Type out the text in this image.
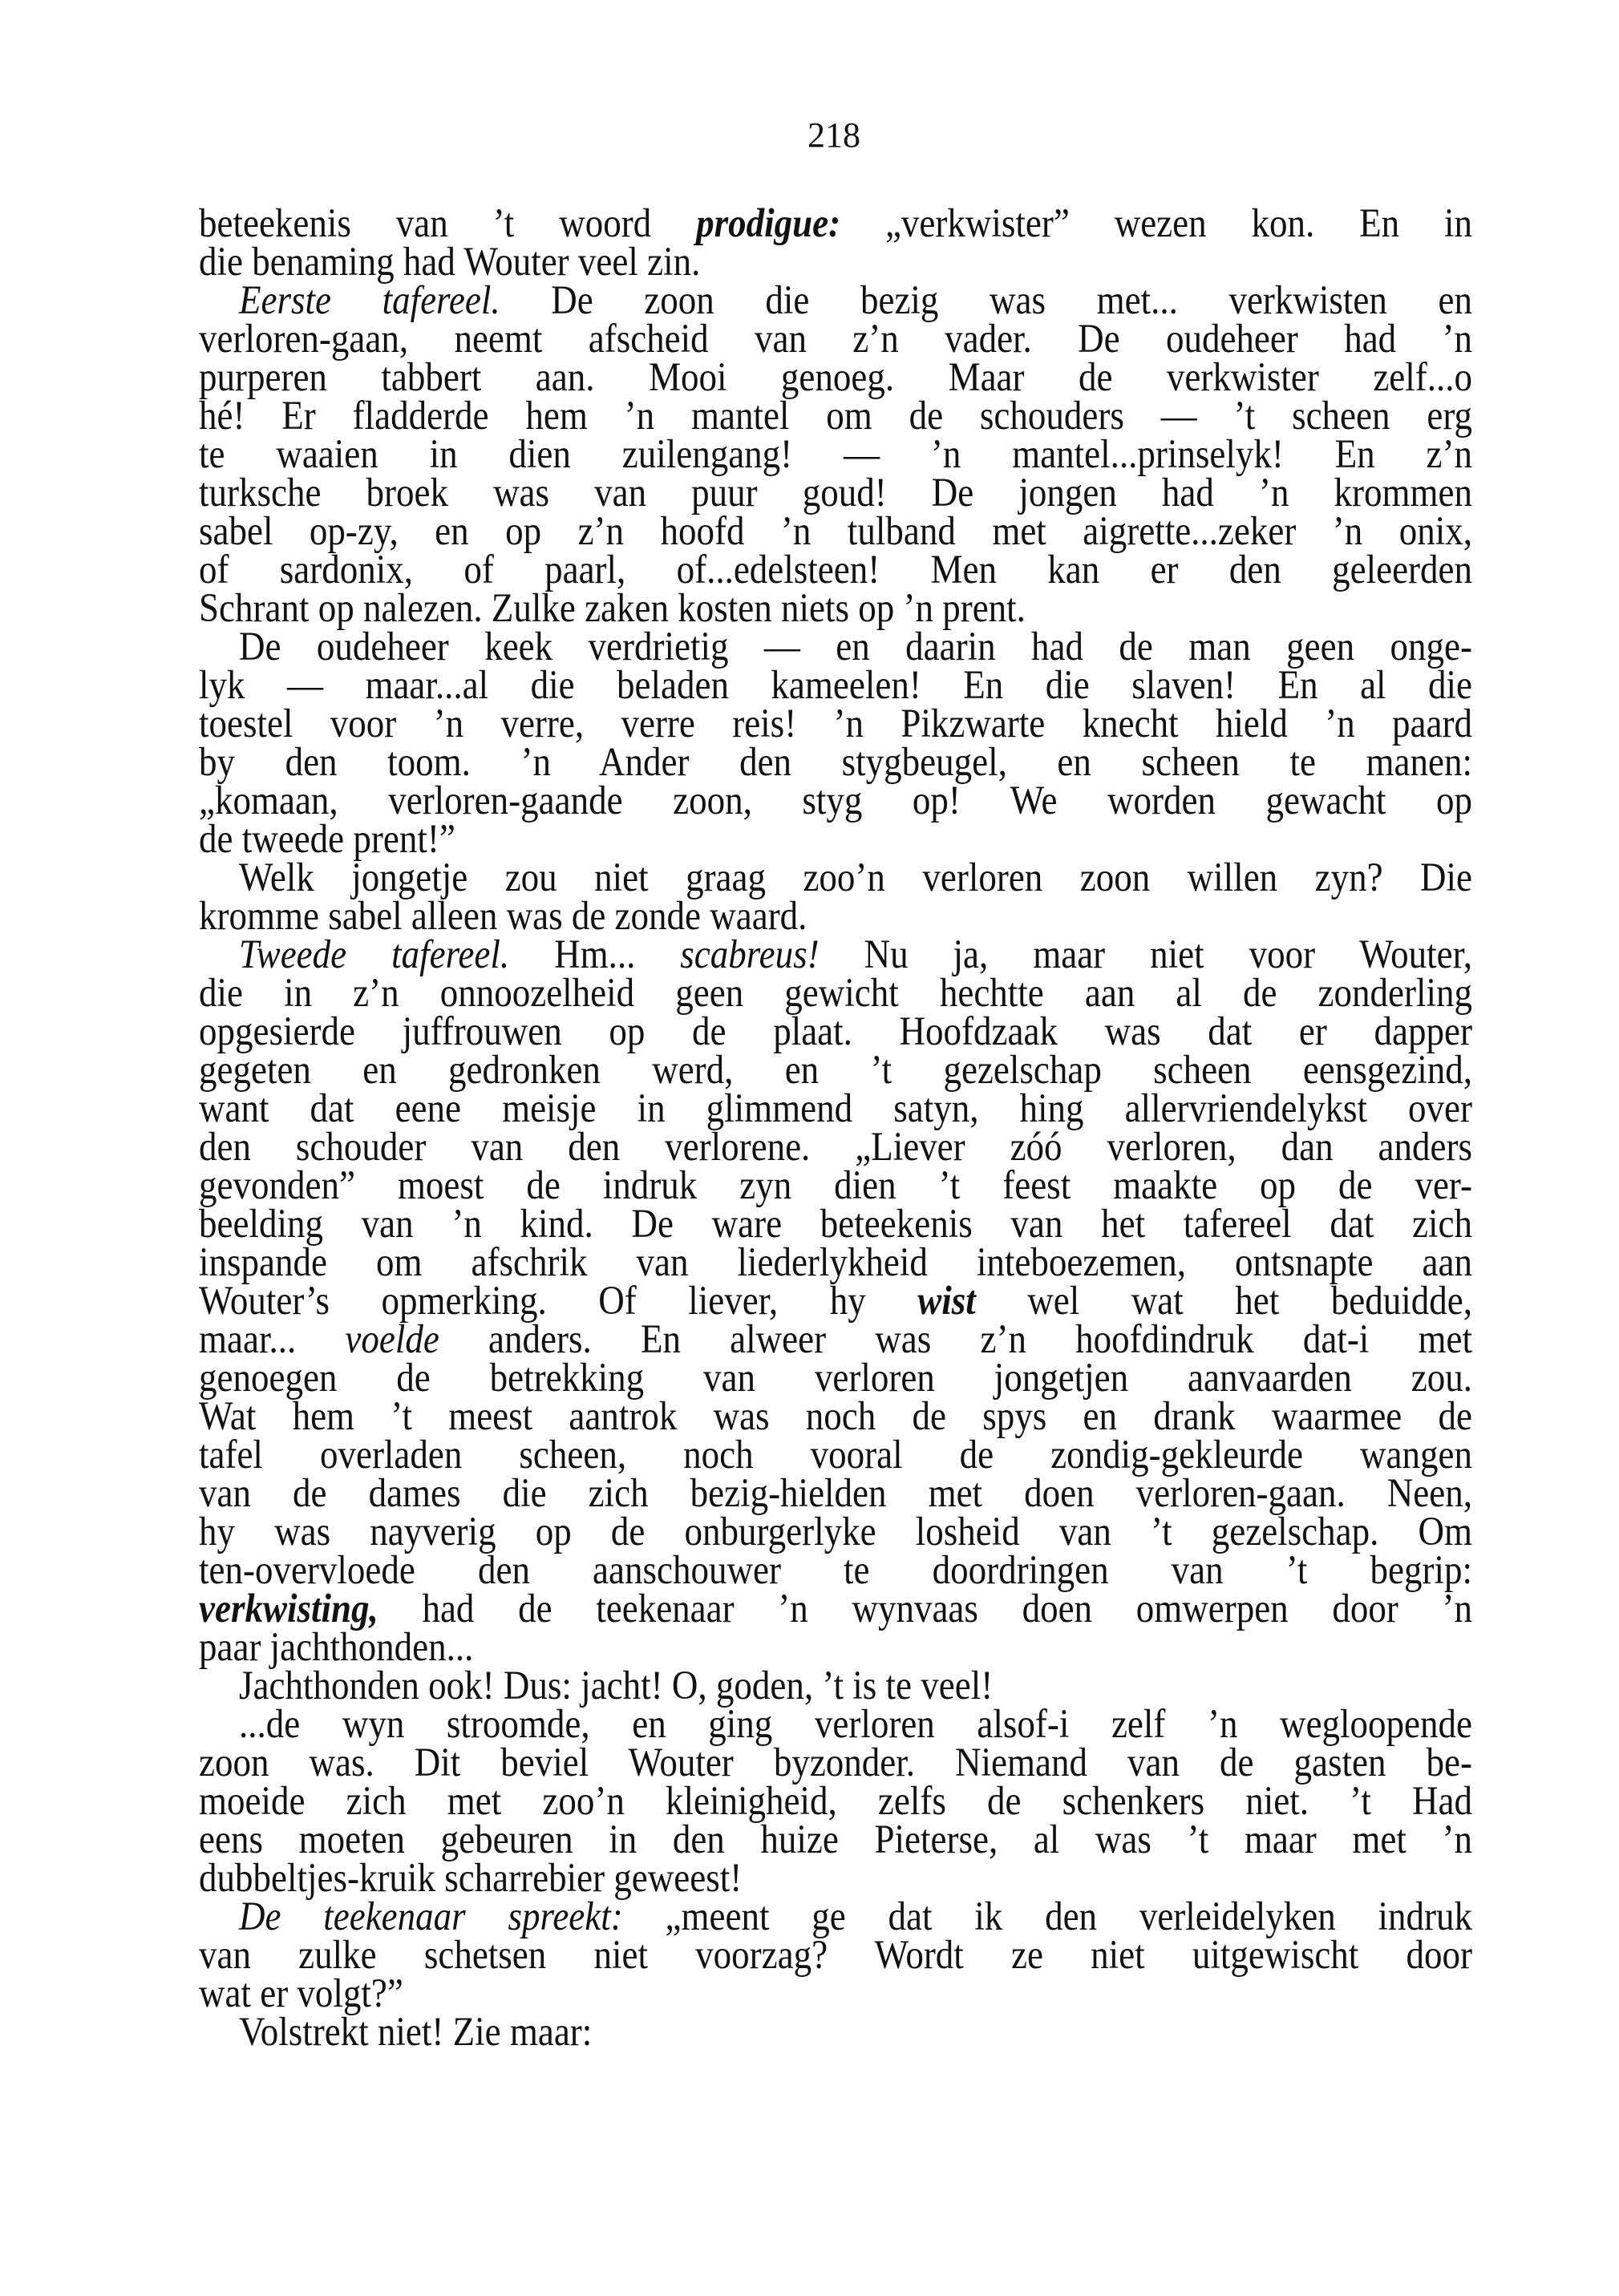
218
beteekenis van ’t woord prodigue: „verkwister” wezen kon. En in
die benaming had Wouter veel zin.
Eerste tafereel. De zoon die bezig was met... verkwisten en
verloren-gaan, neemt afscheid van z’n vader. De oudeheer had ’n
purperen tabbert aan. Mooi genoeg. Maar de verkwister zelf...o
hé! Er fladderde hem ’n mantel om de schouders — ’t scheen erg
te waaien in dien zuilengang! — ’n mantel...prinselyk! En z’n
turksche broek was van puur goud! De jongen had ’n krommen
sabel op-zy, en op z’n hoofd ’n tulband met aigrette...zeker ’n onix,
of sardonix, of paarl, of...edelsteen! Men kan er den geleerden
Schrant op nalezen. Zulke zaken kosten niets op ’n prent.
De oudeheer keek verdrietig — en daarin had de man geen onge-
lyk — maar...al die beladen kameelen! En die slaven! En al die
toestel voor ’n verre, verre reis! ’n Pikzwarte knecht hield ’n paard
by den toom. ’n Ander den stygbeugel, en scheen te manen:
„komaan, verloren-gaande zoon, styg op! We worden gewacht op
de tweede prent!”
Welk jongetje zou niet graag zoo’n verloren zoon willen zyn? Die
kromme sabel alleen was de zonde waard.
Tweede tafereel. Hm... scabreus! Nu ja, maar niet voor Wouter,
die in z’n onnoozelheid geen gewicht hechtte aan al de zonderling
opgesierde juffrouwen op de plaat. Hoofdzaak was dat er dapper
gegeten en gedronken werd, en ’t gezelschap scheen eensgezind,
want dat eene meisje in glimmend satyn, hing allervriendelykst over
den schouder van den verlorene. „Liever zóó verloren, dan anders
gevonden” moest de indruk zyn dien ’t feest maakte op de ver-
beelding van ’n kind. De ware beteekenis van het tafereel dat zich
inspande om afschrik van liederlykheid inteboezemen, ontsnapte aan
Wouter’s opmerking. Of liever, hy wist wel wat het beduidde,
maar... voelde anders. En alweer was z’n hoofdindruk dat-i met
genoegen de betrekking van verloren jongetjen aanvaarden zou.
Wat hem ’t meest aantrok was noch de spys en drank waarmee de
tafel overladen scheen, noch vooral de zondig-gekleurde wangen
van de dames die zich bezig-hielden met doen verloren-gaan. Neen,
hy was nayverig op de onburgerlyke losheid van ’t gezelschap. Om
ten-overvloede den aanschouwer te doordringen van ’t begrip:
verkwisting, had de teekenaar ’n wynvaas doen omwerpen door ’n
paar jachthonden...
Jachthonden ook! Dus: jacht! O, goden, ’t is te veel!
...de wyn stroomde, en ging verloren alsof-i zelf ’n wegloopende
zoon was. Dit beviel Wouter byzonder. Niemand van de gasten be-
moeide zich met zoo’n kleinigheid, zelfs de schenkers niet. ’t Had
eens moeten gebeuren in den huize Pieterse, al was ’t maar met ’n
dubbeltjes-kruik scharrebier geweest!
De teekenaar spreekt: „meent ge dat ik den verleidelyken indruk
van zulke schetsen niet voorzag? Wordt ze niet uitgewischt door
wat er volgt?”
Volstrekt niet! Zie maar:
